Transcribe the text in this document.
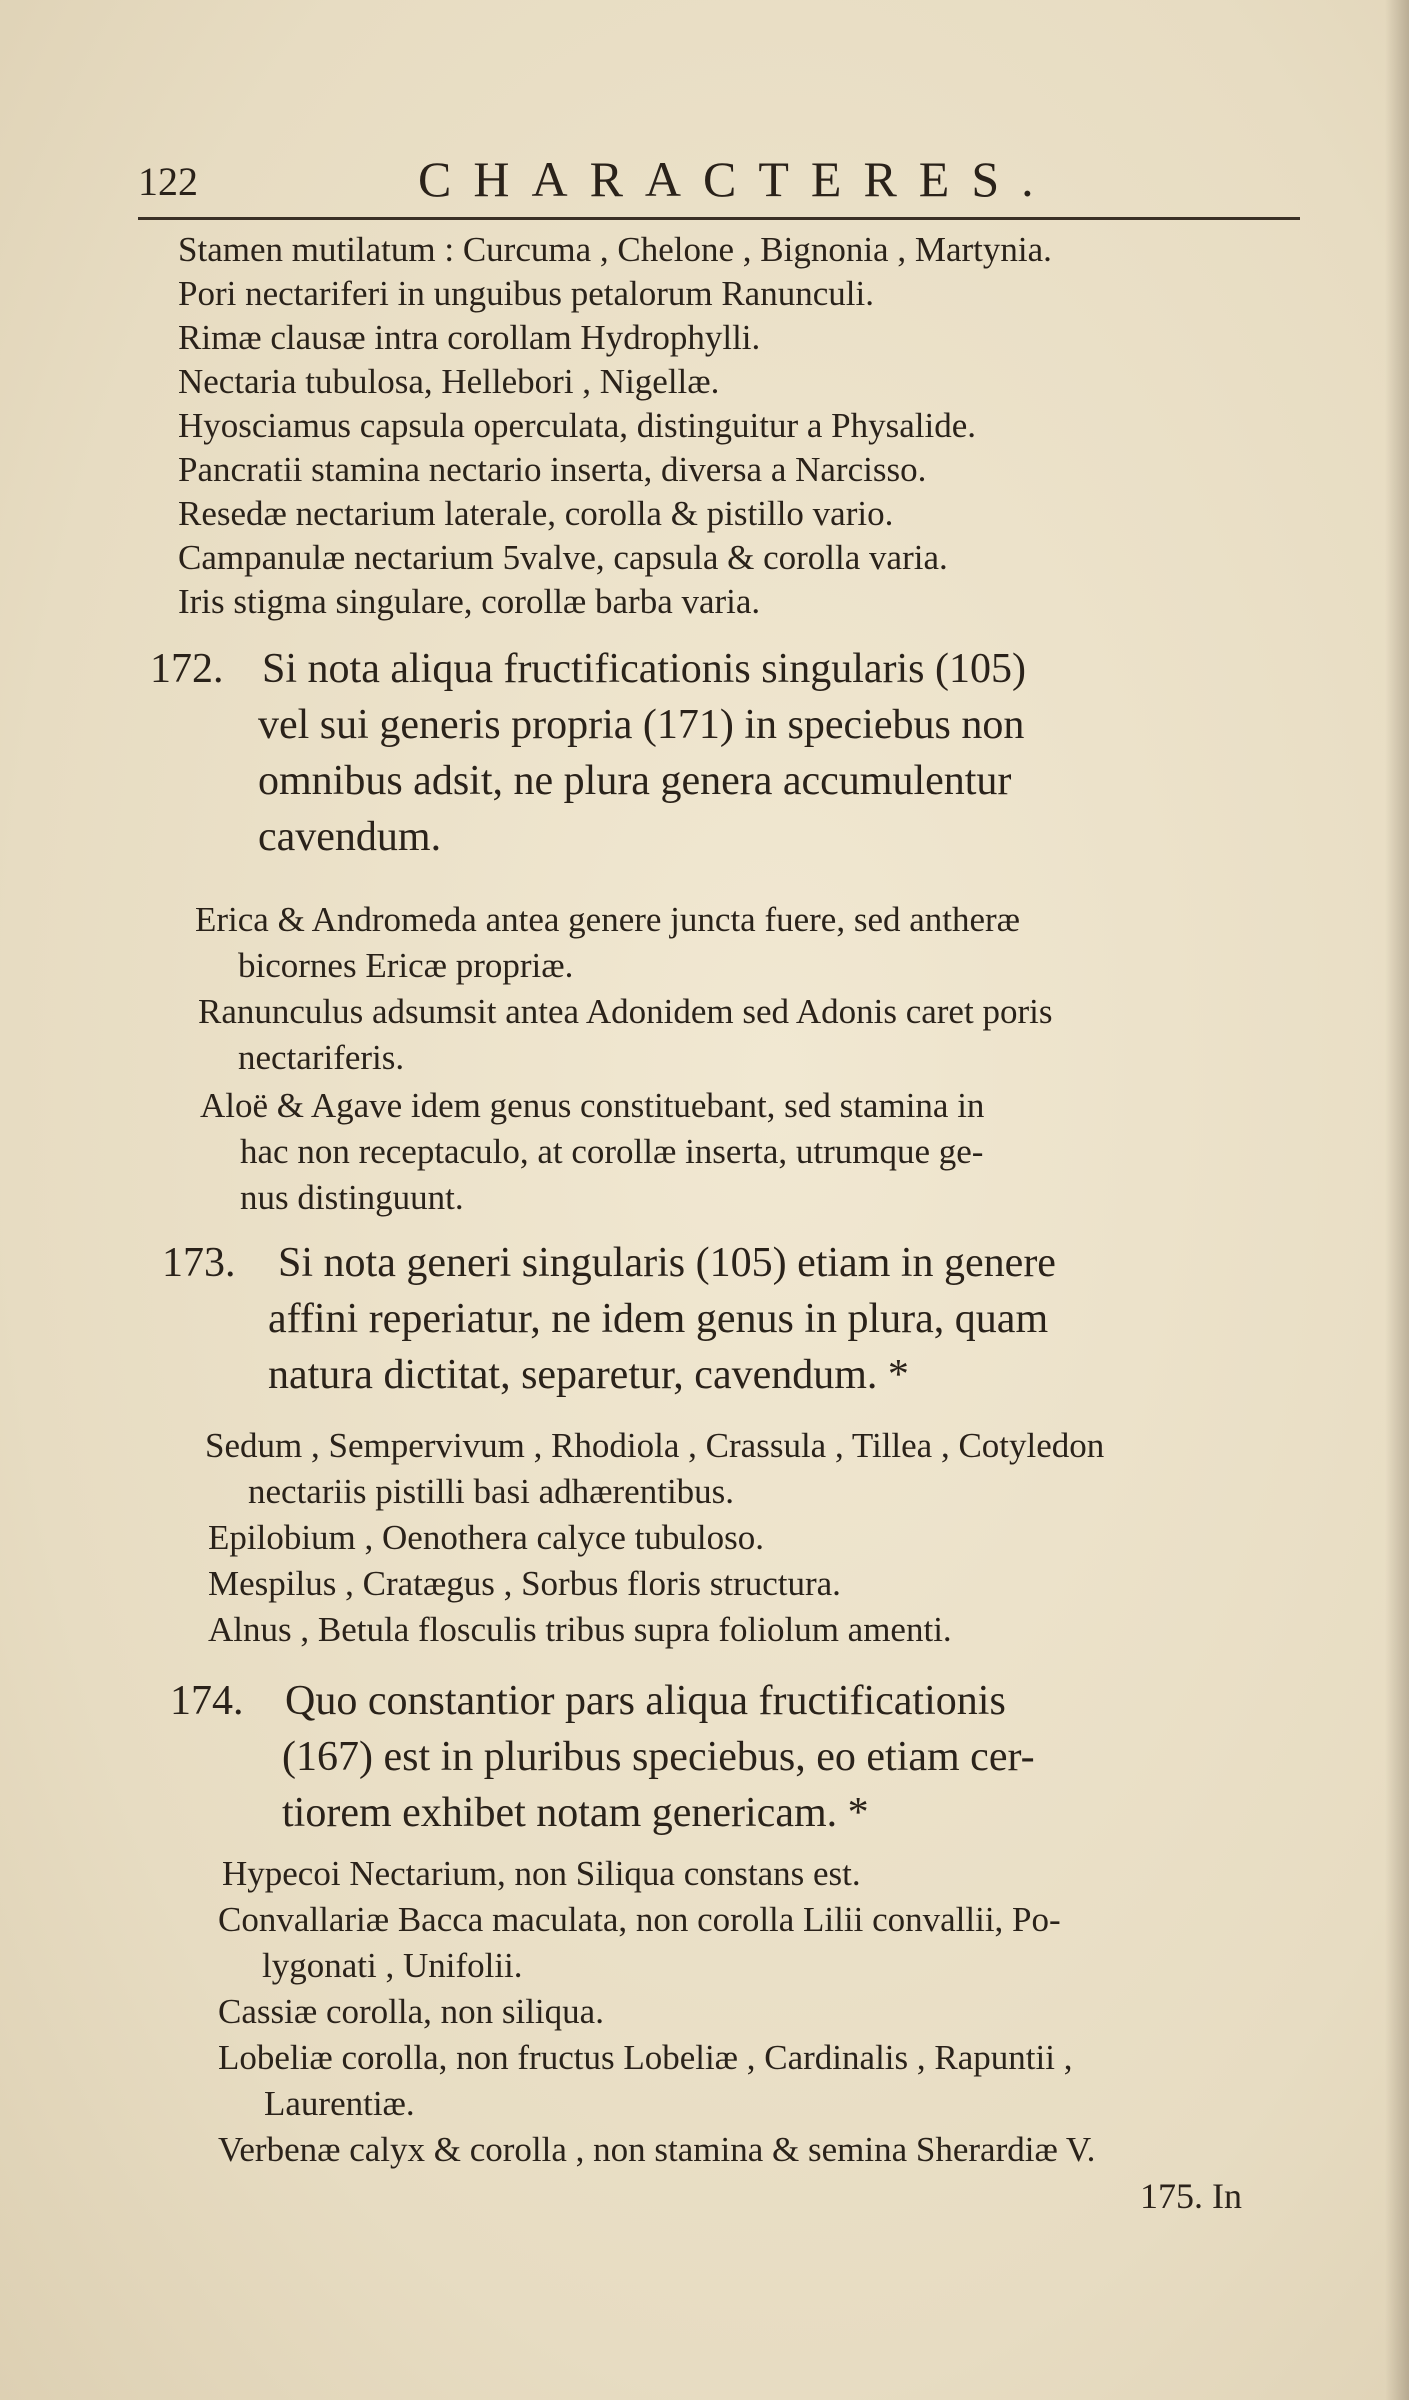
122	CHARACTERES.
Stamen mutilatum : Curcuma , Chelone , Bignonia , Martynia.
Pori nectariferi in unguibus petalorum Ranunculi.
Rimæ clausæ intra corollam Hydrophylli.
Nectaria tubulosa, Hellebori , Nigellæ.
Hyosciamus capsula operculata, distinguitur a Physalide.
Pancratii stamina nectario inserta, diversa a Narcisso.
Resedæ nectarium laterale, corolla & pistillo vario.
Campanulæ nectarium 5valve, capsula & corolla varia.
Iris stigma singulare, corollæ barba varia.
172. Si nota aliqua fructificationis singularis (105)
vel sui generis propria (171) in speciebus non
omnibus adsit, ne plura genera accumulentur
cavendum.
Erica & Andromeda antea genere juncta fuere, sed antheræ
bicornes Ericæ propriæ.
Ranunculus adsumsit antea Adonidem sed Adonis caret poris
nectariferis.
Aloë & Agave idem genus constituebant, sed stamina in
hac non receptaculo, at corollæ inserta, utrumque ge-
nus distinguunt.
173. Si nota generi singularis (105) etiam in genere
affini reperiatur, ne idem genus in plura, quam
natura dictitat, separetur, cavendum. *
Sedum , Sempervivum , Rhodiola , Crassula , Tillea , Cotyledon
nectariis pistilli basi adhærentibus.
Epilobium , Oenothera calyce tubuloso.
Mespilus , Cratægus , Sorbus floris structura.
Alnus , Betula flosculis tribus supra foliolum amenti.
174. Quo constantior pars aliqua fructificationis
(167) est in pluribus speciebus, eo etiam cer-
tiorem exhibet notam genericam. *
Hypecoi Nectarium, non Siliqua constans est.
Convallariæ Bacca maculata, non corolla Lilii convallii, Po-
lygonati , Unifolii.
Cassiæ corolla, non siliqua.
Lobeliæ corolla, non fructus Lobeliæ , Cardinalis , Rapuntii ,
Laurentiæ.
Verbenæ calyx & corolla , non stamina & semina Sherardiæ V.
175. In
